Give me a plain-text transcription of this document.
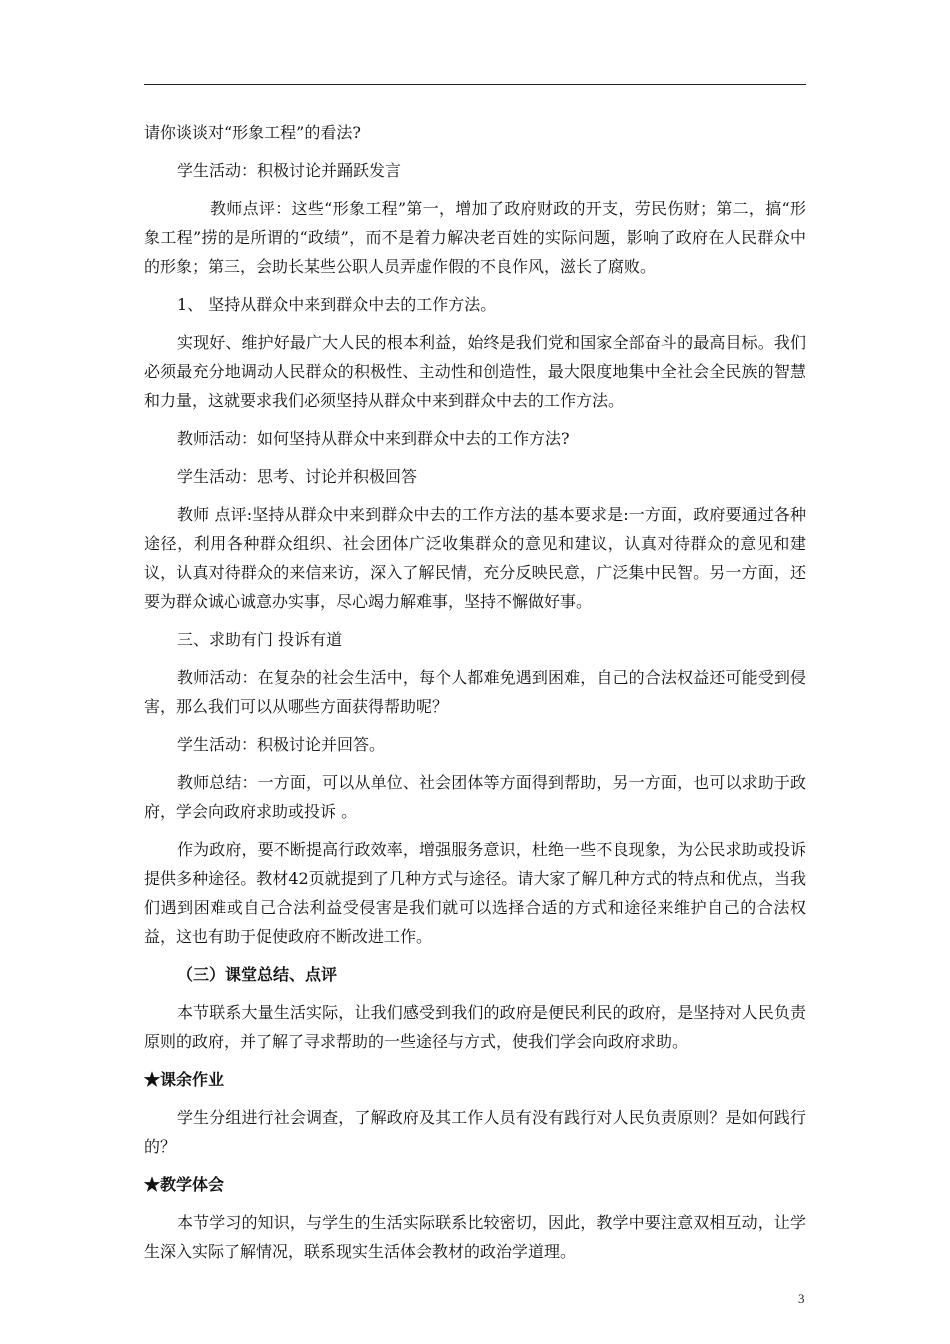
请你谈谈对“形象工程”的看法?

学生活动：积极讨论并踊跃发言

教师点评：这些“形象工程”第一，增加了政府财政的开支，劳民伤财；第二，搞“形象工程”捞的是所谓的“政绩”，而不是着力解决老百姓的实际问题，影响了政府在人民群众中的形象；第三，会助长某些公职人员弄虚作假的不良作风，滋长了腐败。

1、 坚持从群众中来到群众中去的工作方法。

实现好、维护好最广大人民的根本利益，始终是我们党和国家全部奋斗的最高目标。我们必须最充分地调动人民群众的积极性、主动性和创造性，最大限度地集中全社会全民族的智慧和力量，这就要求我们必须坚持从群众中来到群众中去的工作方法。

教师活动：如何坚持从群众中来到群众中去的工作方法?

学生活动：思考、讨论并积极回答

教师 点评:坚持从群众中来到群众中去的工作方法的基本要求是:一方面，政府要通过各种途径，利用各种群众组织、社会团体广泛收集群众的意见和建议，认真对待群众的意见和建议，认真对待群众的来信来访，深入了解民情，充分反映民意，广泛集中民智。另一方面，还要为群众诚心诚意办实事，尽心竭力解难事，坚持不懈做好事。

三、求助有门 投诉有道

教师活动：在复杂的社会生活中，每个人都难免遇到困难，自己的合法权益还可能受到侵害，那么我们可以从哪些方面获得帮助呢？

学生活动：积极讨论并回答。

教师总结：一方面，可以从单位、社会团体等方面得到帮助，另一方面，也可以求助于政府，学会向政府求助或投诉 。

作为政府，要不断提高行政效率，增强服务意识，杜绝一些不良现象，为公民求助或投诉提供多种途径。教材42页就提到了几种方式与途径。请大家了解几种方式的特点和优点，当我们遇到困难或自己合法利益受侵害是我们就可以选择合适的方式和途径来维护自己的合法权益，这也有助于促使政府不断改进工作。

（三）课堂总结、点评

本节联系大量生活实际，让我们感受到我们的政府是便民利民的政府，是坚持对人民负责原则的政府，并了解了寻求帮助的一些途径与方式，使我们学会向政府求助。

★课余作业

学生分组进行社会调查，了解政府及其工作人员有没有践行对人民负责原则？是如何践行的？

★教学体会

本节学习的知识，与学生的生活实际联系比较密切，因此，教学中要注意双相互动，让学生深入实际了解情况，联系现实生活体会教材的政治学道理。

3
